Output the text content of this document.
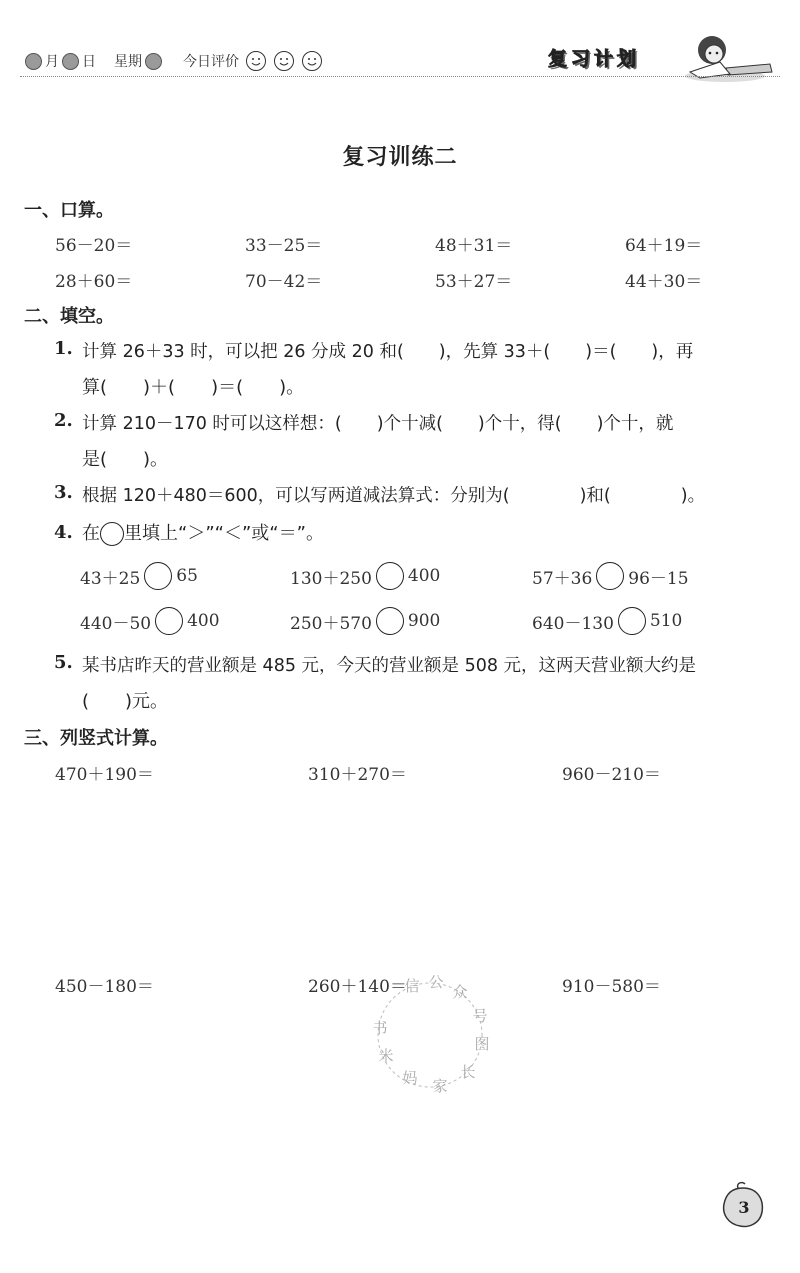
月 日 星期	今日评价	复习计划
复习训练二
一、口算。
56－20＝	33－25＝	48＋31＝	64＋19＝
28＋60＝	70－42＝	53＋27＝	44＋30＝
二、填空。
1. 计算 26＋33 时，可以把 26 分成 20 和(　　)，先算 33＋(　　)＝(　　)，再
算(　　)＋(　　)＝(　　)。
2. 计算 210－170 时可以这样想：(　　)个十减(　　)个十，得(　　)个十，就
是(　　)。
3. 根据 120＋480＝600，可以写两道减法算式：分别为(　　　　)和(　　　　)。
4. 在 里填上“＞”“＜”或“＝”。
43＋25 65	130＋250 400	57＋36 96－15
440－50 400	250＋570 900	640－130 510
5. 某书店昨天的营业额是 485 元，今天的营业额是 508 元，这两天营业额大约是
(　　)元。
三、列竖式计算。
470＋190＝	310＋270＝	960－210＝
450－180＝	260＋140＝	910－580＝
信 公
众
号
图
长
家
妈
米
书
3
